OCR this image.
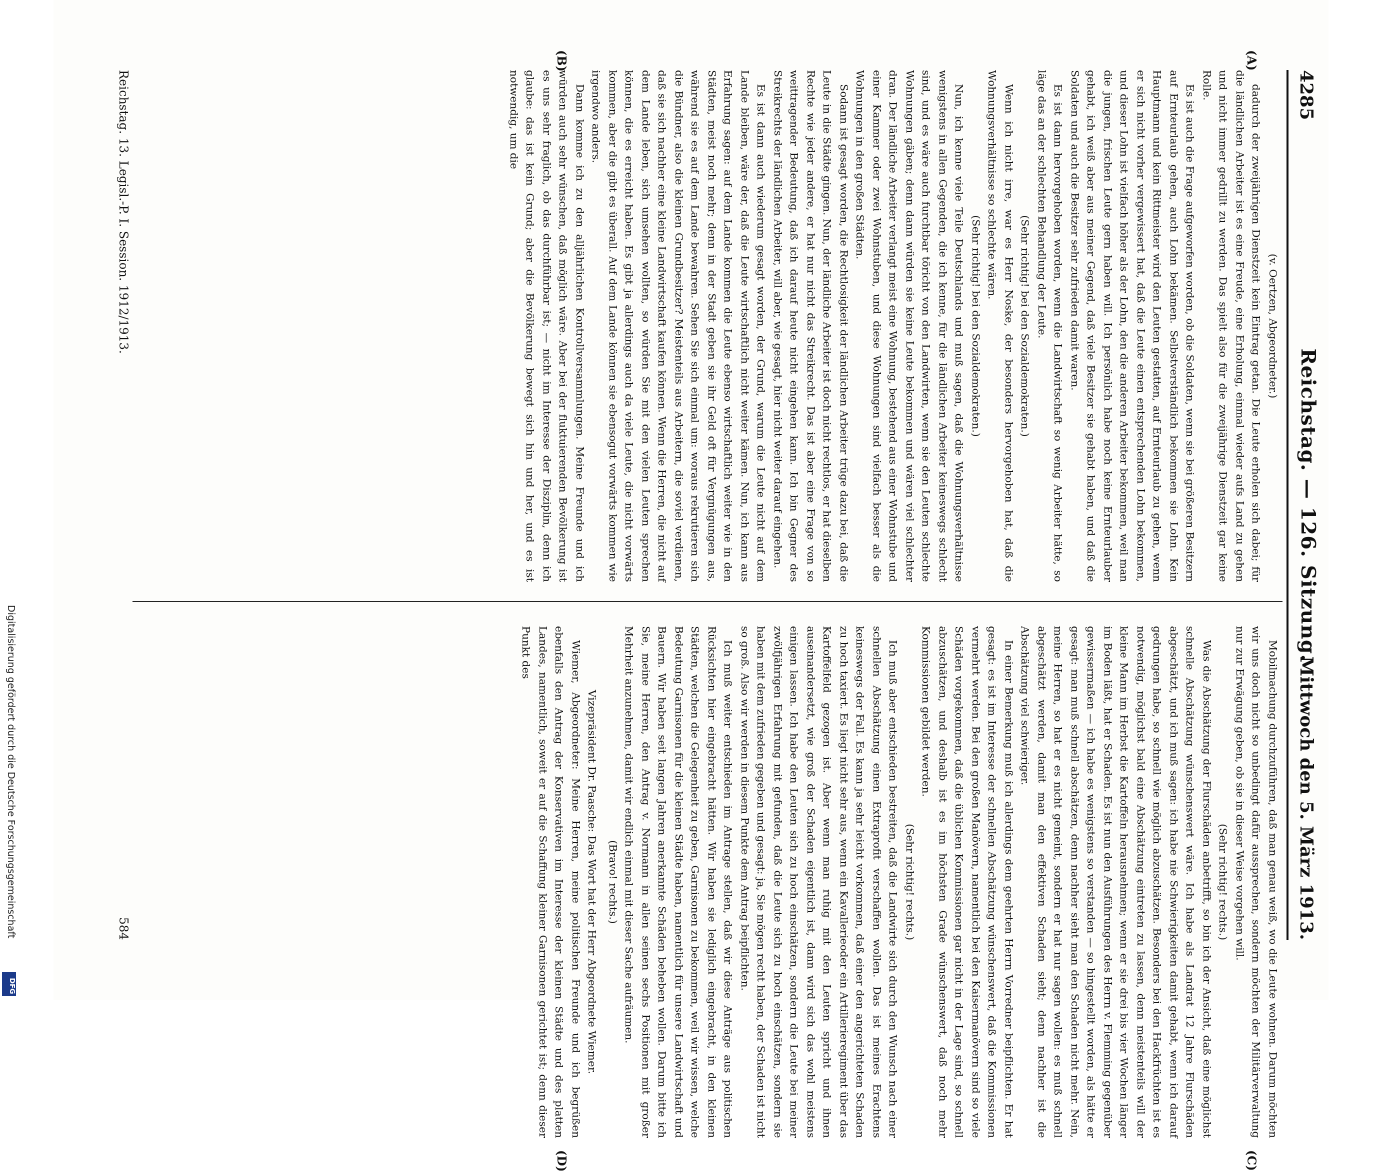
4285
Reichstag. — 126. Sitzung.
Mittwoch den 5. März 1913.
(A)
(B)
(C)
(D)

(v. Oertzen, Abgeordneter.)

dadurch der zweijährigen Dienstzeit kein Eintrag getan. Die Leute erholen sich dabei; für die ländlichen Arbeiter ist es eine Freude, eine Erholung, einmal wieder aufs Land zu gehen und nicht immer gedrillt zu werden. Das spielt also für die zweijährige Dienstzeit gar keine Rolle.

Es ist auch die Frage aufgeworfen worden, ob die Soldaten, wenn sie bei größeren Besitzern auf Ernteurlaub gehen, auch Lohn bekämen. Selbstverständlich bekommen sie Lohn. Kein Hauptmann und kein Rittmeister wird den Leuten gestatten, auf Ernteurlaub zu gehen, wenn er sich nicht vorher vergewissert hat, daß die Leute einen entsprechenden Lohn bekommen, und dieser Lohn ist vielfach höher als der Lohn, den die anderen Arbeiter bekommen, weil man die jungen, frischen Leute gern haben will. Ich persönlich habe noch keine Ernteurlauber gehabt, ich weiß aber aus meiner Gegend, daß viele Besitzer sie gehabt haben, und daß die Soldaten und auch die Besitzer sehr zufrieden damit waren.

Es ist dann hervorgehoben worden, wenn die Landwirtschaft so wenig Arbeiter hätte, so läge das an der schlechten Behandlung der Leute.

(Sehr richtig! bei den Sozialdemokraten.)

Wenn ich nicht irre, war es Herr Noske, der besonders hervorgehoben hat, daß die Wohnungsverhältnisse so schlechte wären.

(Sehr richtig! bei den Sozialdemokraten.)

Nun, ich kenne viele Teile Deutschlands und muß sagen, daß die Wohnungsverhältnisse wenigstens in allen Gegenden, die ich kenne, für die ländlichen Arbeiter keineswegs schlecht sind, und es wäre auch furchtbar töricht von den Landwirten, wenn sie den Leuten schlechte Wohnungen gäben; denn dann würden sie keine Leute bekommen und wären viel schlechter dran. Der ländliche Arbeiter verlangt meist eine Wohnung, bestehend aus einer Wohnstube und einer Kammer oder zwei Wohnstuben, und diese Wohnungen sind vielfach besser als die Wohnungen in den großen Städten.

Sodann ist gesagt worden, die Rechtlosigkeit der ländlichen Arbeiter trüge dazu bei, daß die Leute in die Städte gingen. Nun, der ländliche Arbeiter ist doch nicht rechtlos, er hat dieselben Rechte wie jeder andere, er hat nur nicht das Streikrecht. Das ist aber eine Frage von so weittragender Bedeutung, daß ich darauf heute nicht eingehen kann. Ich bin Gegner des Streikrechts der ländlichen Arbeiter, will aber, wie gesagt, hier nicht weiter darauf eingehen.

Es ist dann auch wiederum gesagt worden, der Grund, warum die Leute nicht auf dem Lande bleiben, wäre der, daß die Leute wirtschaftlich nicht weiter kämen. Nun, ich kann aus Erfahrung sagen: auf dem Lande kommen die Leute ebenso wirtschaftlich weiter wie in den Städten, meist noch mehr; denn in der Stadt geben sie ihr Geld oft für Vergnügungen aus, während sie es auf dem Lande bewahren. Sehen Sie sich einmal um: woraus rekrutieren sich die Bündner, also die kleinen Grundbesitzer? Meistenteils aus Arbeitern, die soviel verdienen, daß sie sich nachher eine kleine Landwirtschaft kaufen können. Wenn die Herren, die nicht auf dem Lande leben, sich umsehen wollten, so würden Sie mit den vielen Leuten sprechen können, die es erreicht haben. Es gibt ja allerdings auch da viele Leute, die nicht vorwärts kommen, aber die gibt es überall. Auf dem Lande können sie ebensogut vorwärts kommen wie irgendwo anders.

Dann komme ich zu den alljährlichen Kontrollversammlungen. Meine Freunde und ich würden auch sehr wünschen, daß möglich wäre. Aber bei der fluktuierenden Bevölkerung ist es uns sehr fraglich, ob das durchführbar ist; — nicht im Interesse der Disziplin, denn ich glaube: das ist kein Grund; aber die Bevölkerung bewegt sich hin und her, und es ist notwendig, um die

Mobilmachung durchzuführen, daß man genau weiß, wo die Leute wohnen. Darum möchten wir uns doch nicht so unbedingt dafür aussprechen, sondern möchten der Militärverwaltung nur zur Erwägung geben, ob sie in dieser Weise vorgehen will.

(Sehr richtig! rechts.)

Was die Abschätzung der Flurschäden anbetrifft, so bin ich der Ansicht, daß eine möglichst schnelle Abschätzung wünschenswert wäre. Ich habe als Landrat 12 Jahre Flurschäden abgeschätzt, und ich muß sagen: ich habe nie Schwierigkeiten damit gehabt, wenn ich darauf gedrungen habe, so schnell wie möglich abzuschätzen. Besonders bei den Hackfrüchten ist es notwendig, möglichst bald eine Abschätzung eintreten zu lassen, denn meistenteils will der kleine Mann im Herbst die Kartoffeln herausnehmen; wenn er sie drei bis vier Wochen länger im Boden läßt, hat er Schaden. Es ist nun den Ausführungen des Herrn v. Flemming gegenüber gewissermaßen — ich habe es wenigstens so verstanden — so hingestellt worden, als hätte er gesagt: man muß schnell abschätzen, denn nachher sieht man den Schaden nicht mehr. Nein, meine Herren, so hat er es nicht gemeint, sondern er hat nur sagen wollen: es muß schnell abgeschätzt werden, damit man den effektiven Schaden sieht; denn nachher ist die Abschätzung viel schwieriger.

In einer Bemerkung muß ich allerdings dem geehrten Herrn Vorredner beipflichten. Er hat gesagt: es ist im Interesse der schnellen Abschätzung wünschenswert, daß die Kommissionen vermehrt werden. Bei den großen Manövern, namentlich bei den Kaisermanövern sind so viele Schäden vorgekommen, daß die üblichen Kommissionen gar nicht in der Lage sind, so schnell abzuschätzen, und deshalb ist es im höchsten Grade wünschenswert, daß noch mehr Kommissionen gebildet werden.

(Sehr richtig! rechts.)

Ich muß aber entschieden bestreiten, daß die Landwirte sich durch den Wunsch nach einer schnellen Abschätzung einen Extraprofit verschaffen wollen. Das ist meines Erachtens keineswegs der Fall. Es kann ja sehr leicht vorkommen, daß einer den angerichteten Schaden zu hoch taxiert. Es liegt nicht sehr aus, wenn ein Kavallerieoder ein Artillerieregiment über das Kartoffelfeld gezogen ist. Aber wenn man ruhig mit den Leuten spricht und ihnen auseinandersetzt, wie groß der Schaden eigentlich ist, dann wird sich das wohl meistens einigen lassen. Ich habe den Leuten sich zu hoch einschätzen, sondern die Leute bei meiner zwölfjährigen Erfahrung mit gefunden, daß die Leute sich zu hoch einschätzen, sondern sie haben mit dem zufrieden gegeben und gesagt: ja, Sie mögen recht haben, der Schaden ist nicht so groß. Also wir werden in diesem Punkte dem Antrag beipflichten.

Ich muß weiter entschieden im Antrage stellen, daß wir diese Anträge aus politischen Rücksichten hier eingebracht hätten. Wir haben sie lediglich eingebracht, in den kleinen Städten, welchen die Gelegenheit zu geben, Garnisonen zu bekommen, weil wir wissen, welche Bedeutung Garnisonen für die kleinen Städte haben, namentlich für unsere Landwirtschaft und Bauern. Wir haben seit langen Jahren anerkannte Schäden beheben wollen. Darum bitte ich Sie, meine Herren, den Antrag v. Normann in allen seinen sechs Positionen mit großer Mehrheit anzunehmen, damit wir endlich einmal mit dieser Sache aufräumen.

(Bravo! rechts.)

Vizepräsident Dr. Paasche: Das Wort hat der Herr Abgeordnete Wiemer.

Wiemer, Abgeordneter: Meine Herren, meine politischen Freunde und ich begrüßen ebenfalls den Antrag der Konservativen im Interesse der kleinen Städte und des platten Landes, namentlich, soweit er auf die Schaffung kleiner Garnisonen gerichtet ist; denn dieser Punkt des

Reichstag. 13. Legisl.-P. I. Session. 1912/1913.
584
Digitalisierung gefördert durch die Deutsche Forschungsgemeinschaft
DFG
